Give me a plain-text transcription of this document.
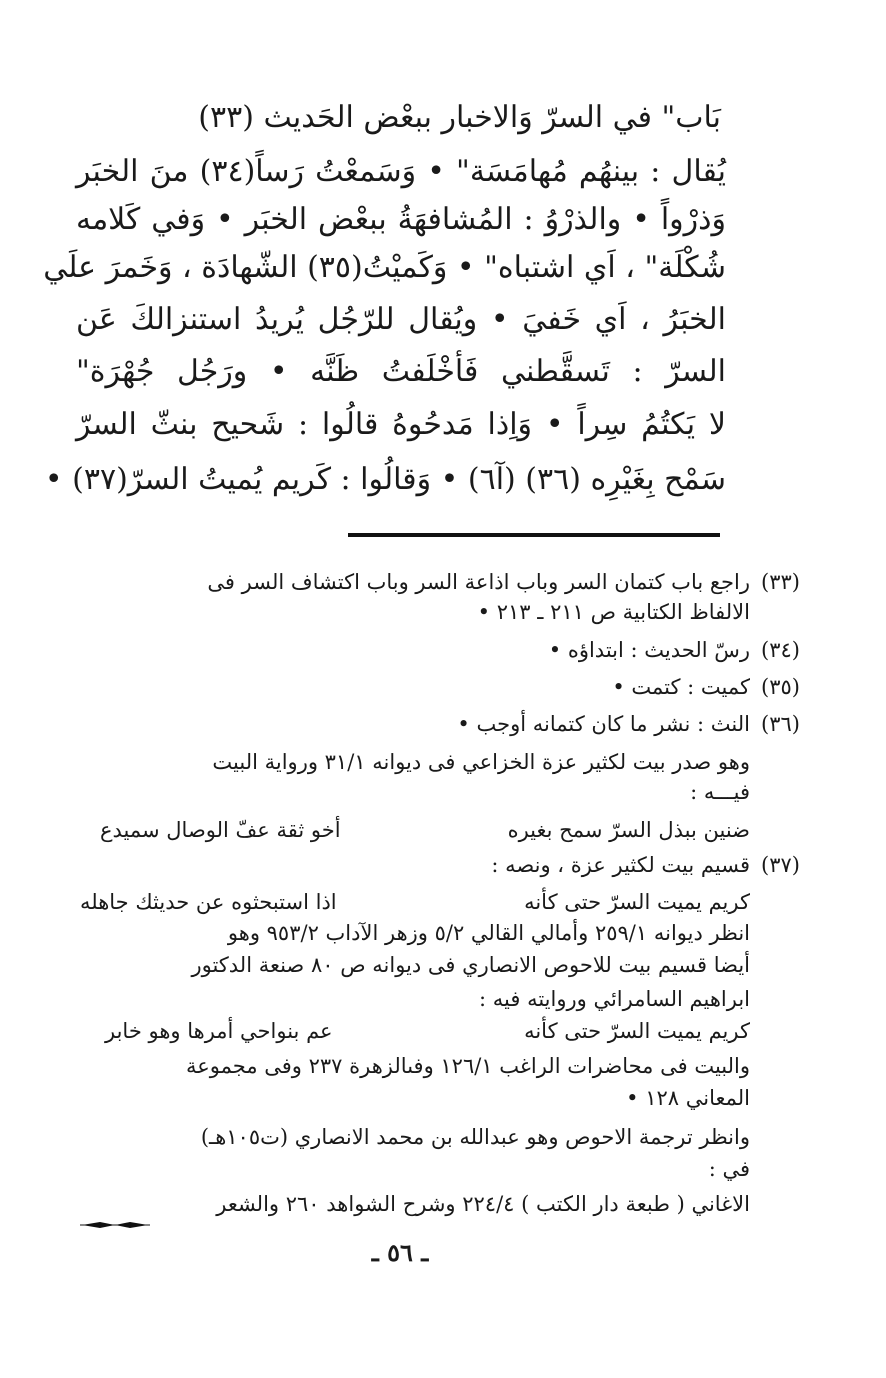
بَاب" في السرّ وَالاخبار ببعْض الحَديث (٣٣)
يُقال : بينهُم مُهامَسَة" • وَسَمعْتُ رَساً(٣٤) منَ الخبَر
وَذرْواً • والذرْوُ : المُشافهَةُ ببعْض الخبَر • وَفي كَلامه
شُكْلَة" ، اَي اشتباه" • وَكَميْتُ(٣٥) الشّهادَة ، وَخَمرَ علَي
الخبَرُ ، اَي خَفيَ • ويُقال للرّجُل يُريدُ استنزالكَ عَن
السرّ : تَسقَّطني فَأخْلَفتُ ظَنَّه • ورَجُل جُهْرَة"
لا يَكتُمُ سِراً • وَاِذا مَدحُوهُ قالُوا : شَحيح بنثّ السرّ
سَمْح بِغَيْرِه (٣٦) (آ٦) • وَقالُوا : كَريم يُميتُ السرّ(٣٧) •
(٣٣)راجع باب كتمان السر وباب اذاعة السر وباب اكتشاف السر فى
الالفاظ الكتابية ص ٢١١ ـ ٢١٣ •
(٣٤)رسّ الحديث : ابتداؤه •
(٣٥)كميت : كتمت •
(٣٦)النث : نشر ما كان كتمانه أوجب •
وهو صدر بيت لكثير عزة الخزاعي فى ديوانه ٣١/١ ورواية البيت
فيـــه :
ضنين ببذل السرّ سمح بغيره
أخو ثقة عفّ الوصال سميدع
(٣٧)قسيم بيت لكثير عزة ، ونصه :
كريم يميت السرّ حتى كأنه
اذا استبحثوه عن حديثك جاهله
انظر ديوانه ٢٥٩/١ وأمالي القالي ٥/٢ وزهر الآداب ٩٥٣/٢ وهو
أيضا قسيم بيت للاحوص الانصاري فى ديوانه ص ٨٠ صنعة الدكتور
ابراهيم السامرائي وروايته فيه :
كريم يميت السرّ حتى كأنه
عم بنواحي أمرها وهو خابر
والبيت فى محاضرات الراغب ١٢٦/١ وفىالزهرة ٢٣٧ وفى مجموعة
المعاني ١٢٨ •
وانظر ترجمة الاحوص وهو عبدالله بن محمد الانصاري (ت١٠٥هـ)
في :
الاغاني ( طبعة دار الكتب ) ٢٢٤/٤ وشرح الشواهد ٢٦٠ والشعر
ـ ٥٦ ـ
